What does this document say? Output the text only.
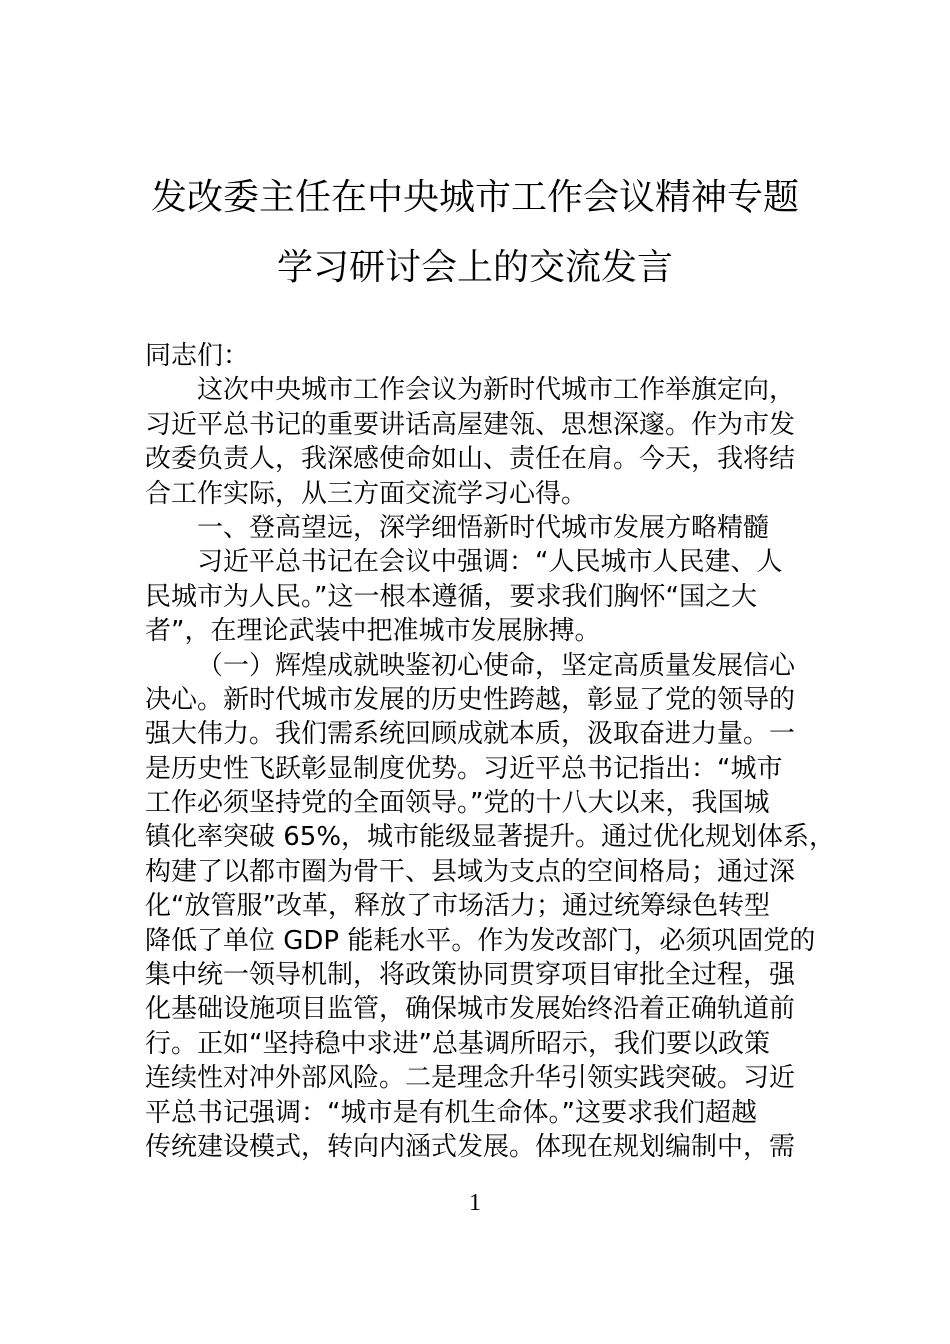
发改委主任在中央城市工作会议精神专题
学习研讨会上的交流发言
同志们：
这次中央城市工作会议为新时代城市工作举旗定向，
习近平总书记的重要讲话高屋建瓴、思想深邃。作为市发
改委负责人，我深感使命如山、责任在肩。今天，我将结
合工作实际，从三方面交流学习心得。
一、登高望远，深学细悟新时代城市发展方略精髓
习近平总书记在会议中强调：“人民城市人民建、人
民城市为人民。”这一根本遵循，要求我们胸怀“国之大
者”，在理论武装中把准城市发展脉搏。
（一）辉煌成就映鉴初心使命，坚定高质量发展信心
决心。新时代城市发展的历史性跨越，彰显了党的领导的
强大伟力。我们需系统回顾成就本质，汲取奋进力量。一
是历史性飞跃彰显制度优势。习近平总书记指出：“城市
工作必须坚持党的全面领导。”党的十八大以来，我国城
镇化率突破 65%，城市能级显著提升。通过优化规划体系，
构建了以都市圈为骨干、县域为支点的空间格局；通过深
化“放管服”改革，释放了市场活力；通过统筹绿色转型
降低了单位 GDP 能耗水平。作为发改部门，必须巩固党的
集中统一领导机制，将政策协同贯穿项目审批全过程，强
化基础设施项目监管，确保城市发展始终沿着正确轨道前
行。正如“坚持稳中求进”总基调所昭示，我们要以政策
连续性对冲外部风险。二是理念升华引领实践突破。习近
平总书记强调：“城市是有机生命体。”这要求我们超越
传统建设模式，转向内涵式发展。体现在规划编制中，需
1
